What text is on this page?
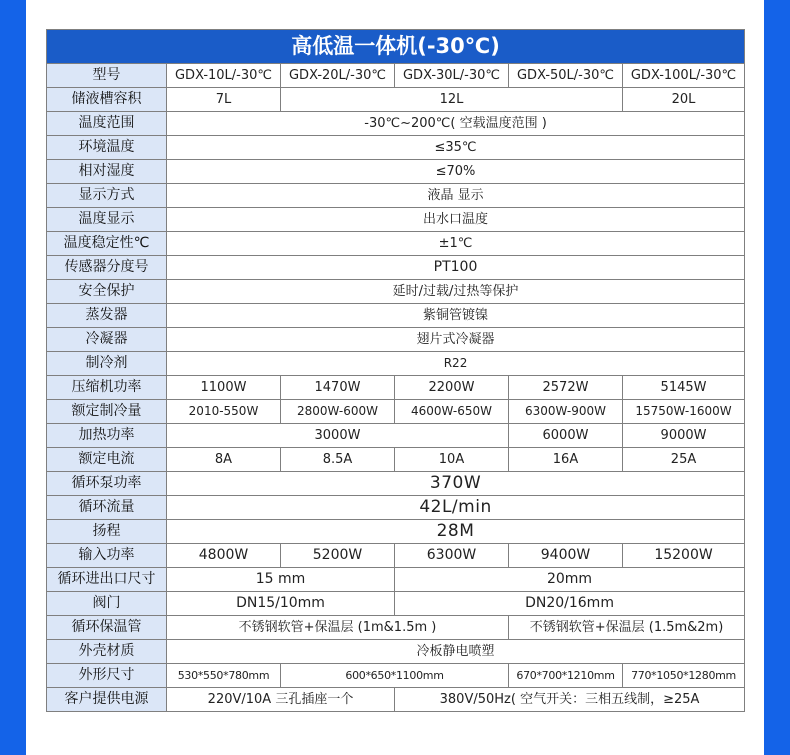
高低温一体机(-30℃)					
型号	GDX-10L/-30℃	GDX-20L/-30℃	GDX-30L/-30℃	GDX-50L/-30℃	GDX-100L/-30℃
储液槽容积	7L	12L			20L
温度范围	-30℃~200℃( 空载温度范围 )				
环境温度	≤35℃				
相对湿度	≤70%				
显示方式	液晶 显示				
温度显示	出水口温度				
温度稳定性℃	±1℃				
传感器分度号	PT100				
安全保护	延时/过载/过热等保护				
蒸发器	紫铜管镀镍				
冷凝器	翅片式冷凝器				
制冷剂	R22				
压缩机功率	1100W	1470W	2200W	2572W	5145W
额定制冷量	2010-550W	2800W-600W	4600W-650W	6300W-900W	15750W-1600W
加热功率	3000W			6000W	9000W
额定电流	8A	8.5A	10A	16A	25A
循环泵功率	370W				
循环流量	42L/min				
扬程	28M				
输入功率	4800W	5200W	6300W	9400W	15200W
循环进出口尺寸	15 mm		20mm		
阀门	DN15/10mm		DN20/16mm		
循环保温管	不锈钢软管+保温层 (1m&1.5m )			不锈钢软管+保温层 (1.5m&2m)	
外壳材质	冷板静电喷塑				
外形尺寸	530*550*780mm	600*650*1100mm		670*700*1210mm	770*1050*1280mm
客户提供电源	220V/10A 三孔插座一个		380V/50Hz( 空气开关：三相五线制，≥25A		
